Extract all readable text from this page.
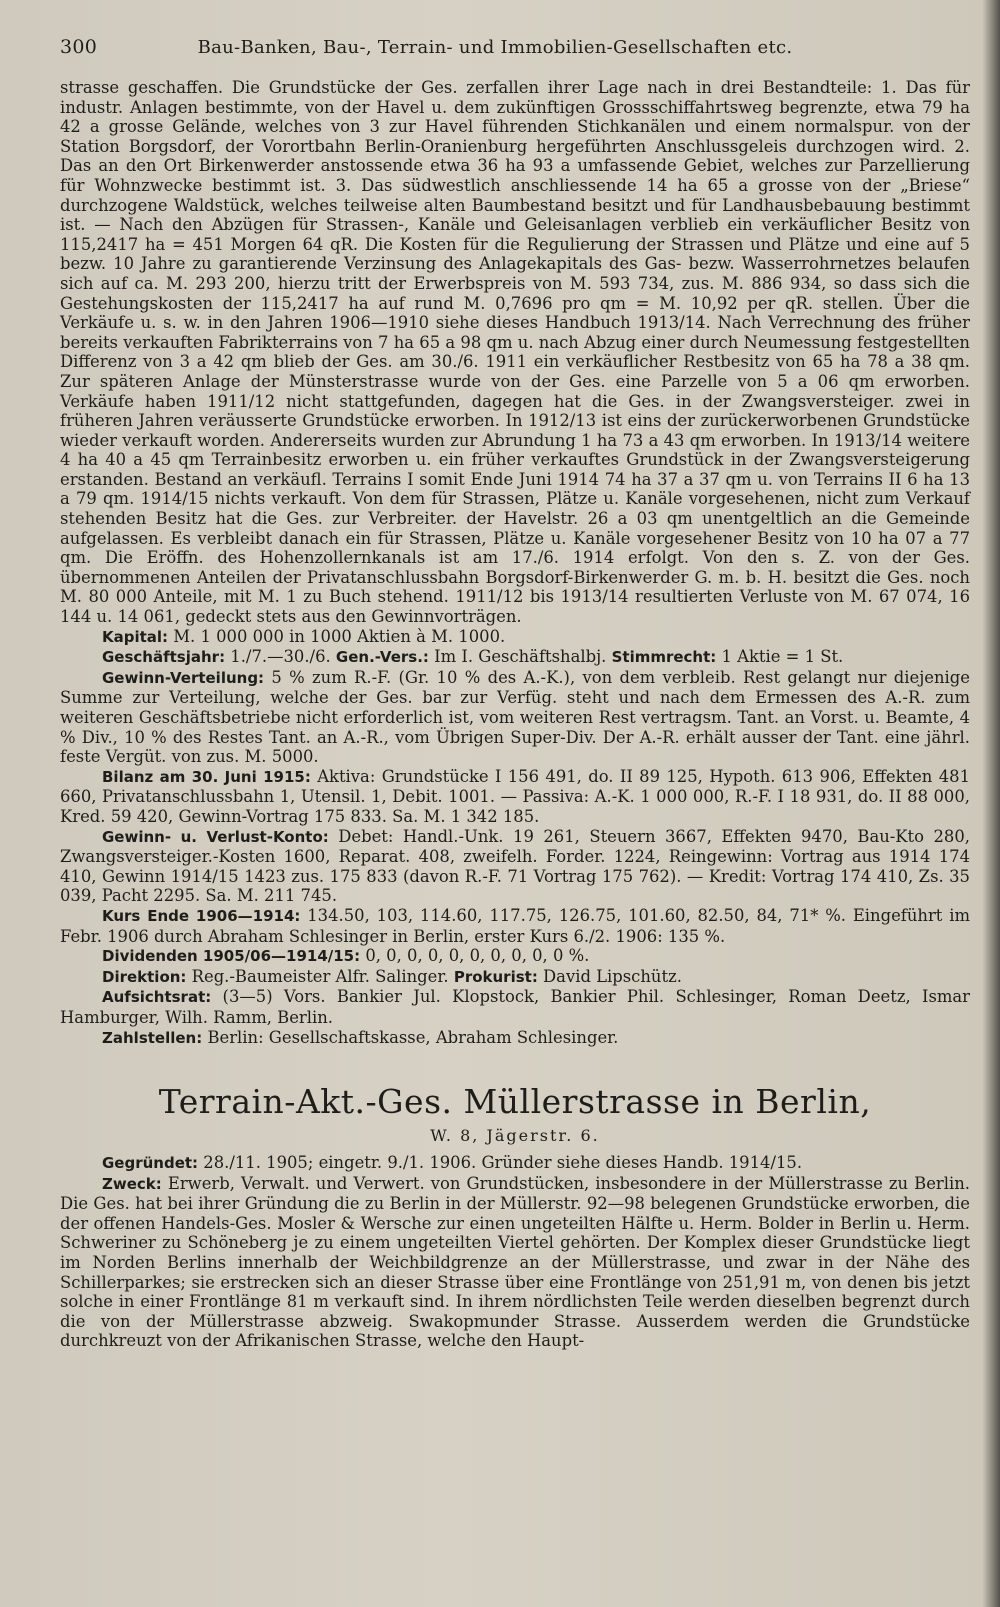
300	Bau-Banken, Bau-, Terrain- und Immobilien-Gesellschaften etc.

strasse geschaffen. Die Grundstücke der Ges. zerfallen ihrer Lage nach in drei Bestandteile: 1. Das für industr. Anlagen bestimmte, von der Havel u. dem zukünftigen Grossschiffahrtsweg begrenzte, etwa 79 ha 42 a grosse Gelände, welches von 3 zur Havel führenden Stichkanälen und einem normalspur. von der Station Borgsdorf, der Vorortbahn Berlin-Oranienburg hergeführten Anschlussgeleis durchzogen wird. 2. Das an den Ort Birkenwerder anstossende etwa 36 ha 93 a umfassende Gebiet, welches zur Parzellierung für Wohnzwecke bestimmt ist. 3. Das südwestlich anschliessende 14 ha 65 a grosse von der „Briese“ durchzogene Waldstück, welches teilweise alten Baumbestand besitzt und für Landhausbebauung bestimmt ist. — Nach den Abzügen für Strassen-, Kanäle und Geleisanlagen verblieb ein verkäuflicher Besitz von 115,2417 ha = 451 Morgen 64 qR. Die Kosten für die Regulierung der Strassen und Plätze und eine auf 5 bezw. 10 Jahre zu garantierende Verzinsung des Anlagekapitals des Gas- bezw. Wasserrohrnetzes belaufen sich auf ca. M. 293 200, hierzu tritt der Erwerbspreis von M. 593 734, zus. M. 886 934, so dass sich die Gestehungskosten der 115,2417 ha auf rund M. 0,7696 pro qm = M. 10,92 per qR. stellen. Über die Verkäufe u. s. w. in den Jahren 1906—1910 siehe dieses Handbuch 1913/14. Nach Verrechnung des früher bereits verkauften Fabrikterrains von 7 ha 65 a 98 qm u. nach Abzug einer durch Neumessung festgestellten Differenz von 3 a 42 qm blieb der Ges. am 30./6. 1911 ein verkäuflicher Restbesitz von 65 ha 78 a 38 qm. Zur späteren Anlage der Münsterstrasse wurde von der Ges. eine Parzelle von 5 a 06 qm erworben. Verkäufe haben 1911/12 nicht stattgefunden, dagegen hat die Ges. in der Zwangsversteiger. zwei in früheren Jahren veräusserte Grundstücke erworben. In 1912/13 ist eins der zurückerworbenen Grundstücke wieder verkauft worden. Andererseits wurden zur Abrundung 1 ha 73 a 43 qm erworben. In 1913/14 weitere 4 ha 40 a 45 qm Terrainbesitz erworben u. ein früher verkauftes Grundstück in der Zwangsversteigerung erstanden. Bestand an verkäufl. Terrains I somit Ende Juni 1914 74 ha 37 a 37 qm u. von Terrains II 6 ha 13 a 79 qm. 1914/15 nichts verkauft. Von dem für Strassen, Plätze u. Kanäle vorgesehenen, nicht zum Verkauf stehenden Besitz hat die Ges. zur Verbreiter. der Havelstr. 26 a 03 qm unentgeltlich an die Gemeinde aufgelassen. Es verbleibt danach ein für Strassen, Plätze u. Kanäle vorgesehener Besitz von 10 ha 07 a 77 qm. Die Eröffn. des Hohenzollernkanals ist am 17./6. 1914 erfolgt. Von den s. Z. von der Ges. übernommenen Anteilen der Privatanschlussbahn Borgsdorf-Birkenwerder G. m. b. H. besitzt die Ges. noch M. 80 000 Anteile, mit M. 1 zu Buch stehend. 1911/12 bis 1913/14 resultierten Verluste von M. 67 074, 16 144 u. 14 061, gedeckt stets aus den Gewinnvorträgen.

Kapital: M. 1 000 000 in 1000 Aktien à M. 1000.

Geschäftsjahr: 1./7.—30./6. Gen.-Vers.: Im I. Geschäftshalbj. Stimmrecht: 1 Aktie = 1 St.

Gewinn-Verteilung: 5 % zum R.-F. (Gr. 10 % des A.-K.), von dem verbleib. Rest gelangt nur diejenige Summe zur Verteilung, welche der Ges. bar zur Verfüg. steht und nach dem Ermessen des A.-R. zum weiteren Geschäftsbetriebe nicht erforderlich ist, vom weiteren Rest vertragsm. Tant. an Vorst. u. Beamte, 4 % Div., 10 % des Restes Tant. an A.-R., vom Übrigen Super-Div. Der A.-R. erhält ausser der Tant. eine jährl. feste Vergüt. von zus. M. 5000.

Bilanz am 30. Juni 1915: Aktiva: Grundstücke I 156 491, do. II 89 125, Hypoth. 613 906, Effekten 481 660, Privatanschlussbahn 1, Utensil. 1, Debit. 1001. — Passiva: A.-K. 1 000 000, R.-F. I 18 931, do. II 88 000, Kred. 59 420, Gewinn-Vortrag 175 833. Sa. M. 1 342 185.

Gewinn- u. Verlust-Konto: Debet: Handl.-Unk. 19 261, Steuern 3667, Effekten 9470, Bau-Kto 280, Zwangsversteiger.-Kosten 1600, Reparat. 408, zweifelh. Forder. 1224, Reingewinn: Vortrag aus 1914 174 410, Gewinn 1914/15 1423 zus. 175 833 (davon R.-F. 71 Vortrag 175 762). — Kredit: Vortrag 174 410, Zs. 35 039, Pacht 2295. Sa. M. 211 745.

Kurs Ende 1906—1914: 134.50, 103, 114.60, 117.75, 126.75, 101.60, 82.50, 84, 71* %. Eingeführt im Febr. 1906 durch Abraham Schlesinger in Berlin, erster Kurs 6./2. 1906: 135 %.

Dividenden 1905/06—1914/15: 0, 0, 0, 0, 0, 0, 0, 0, 0, 0 %.

Direktion: Reg.-Baumeister Alfr. Salinger. Prokurist: David Lipschütz.

Aufsichtsrat: (3—5) Vors. Bankier Jul. Klopstock, Bankier Phil. Schlesinger, Roman Deetz, Ismar Hamburger, Wilh. Ramm, Berlin.

Zahlstellen: Berlin: Gesellschaftskasse, Abraham Schlesinger.

Terrain-Akt.-Ges. Müllerstrasse in Berlin,
W. 8, Jägerstr. 6.

Gegründet: 28./11. 1905; eingetr. 9./1. 1906. Gründer siehe dieses Handb. 1914/15.

Zweck: Erwerb, Verwalt. und Verwert. von Grundstücken, insbesondere in der Müllerstrasse zu Berlin. Die Ges. hat bei ihrer Gründung die zu Berlin in der Müllerstr. 92—98 belegenen Grundstücke erworben, die der offenen Handels-Ges. Mosler & Wersche zur einen ungeteilten Hälfte u. Herm. Bolder in Berlin u. Herm. Schweriner zu Schöneberg je zu einem ungeteilten Viertel gehörten. Der Komplex dieser Grundstücke liegt im Norden Berlins innerhalb der Weichbildgrenze an der Müllerstrasse, und zwar in der Nähe des Schillerparkes; sie erstrecken sich an dieser Strasse über eine Frontlänge von 251,91 m, von denen bis jetzt solche in einer Frontlänge 81 m verkauft sind. In ihrem nördlichsten Teile werden dieselben begrenzt durch die von der Müllerstrasse abzweig. Swakopmunder Strasse. Ausserdem werden die Grundstücke durchkreuzt von der Afrikanischen Strasse, welche den Haupt-
